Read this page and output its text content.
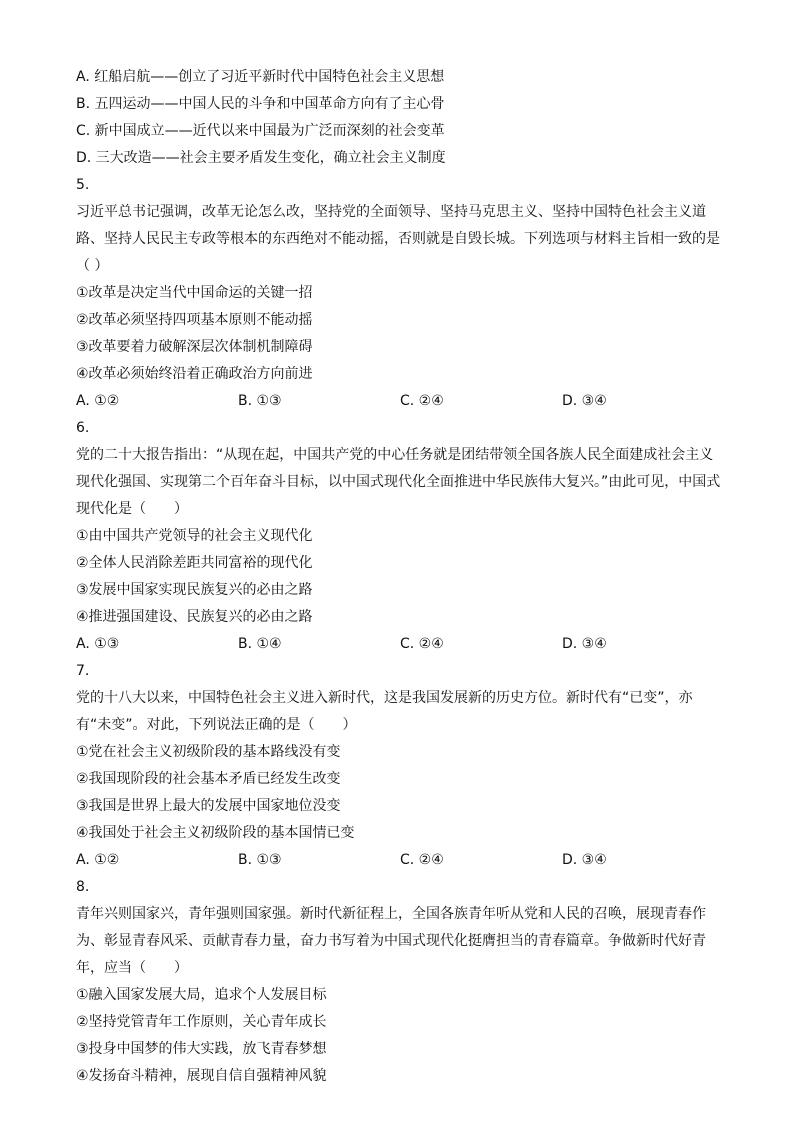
A. 红船启航——创立了习近平新时代中国特色社会主义思想
B. 五四运动——中国人民的斗争和中国革命方向有了主心骨
C. 新中国成立——近代以来中国最为广泛而深刻的社会变革
D. 三大改造——社会主要矛盾发生变化，确立社会主义制度
5.
习近平总书记强调，改革无论怎么改，坚持党的全面领导、坚持马克思主义、坚持中国特色社会主义道路、坚持人民民主专政等根本的东西绝对不能动摇，否则就是自毁长城。下列选项与材料主旨相一致的是（ ）
①改革是决定当代中国命运的关键一招
②改革必须坚持四项基本原则不能动摇
③改革要着力破解深层次体制机制障碍
④改革必须始终沿着正确政治方向前进
A. ①②	B. ①③	C. ②④	D. ③④
6.
党的二十大报告指出：“从现在起，中国共产党的中心任务就是团结带领全国各族人民全面建成社会主义现代化强国、实现第二个百年奋斗目标，以中国式现代化全面推进中华民族伟大复兴。”由此可见，中国式现代化是（　　）
①由中国共产党领导的社会主义现代化
②全体人民消除差距共同富裕的现代化
③发展中国家实现民族复兴的必由之路
④推进强国建设、民族复兴的必由之路
A. ①③	B. ①④	C. ②④	D. ③④
7.
党的十八大以来，中国特色社会主义进入新时代，这是我国发展新的历史方位。新时代有“已变”，亦有“未变”。对此，下列说法正确的是（　　）
①党在社会主义初级阶段的基本路线没有变
②我国现阶段的社会基本矛盾已经发生改变
③我国是世界上最大的发展中国家地位没变
④我国处于社会主义初级阶段的基本国情已变
A. ①②	B. ①③	C. ②④	D. ③④
8.
青年兴则国家兴，青年强则国家强。新时代新征程上，全国各族青年听从党和人民的召唤，展现青春作为、彰显青春风采、贡献青春力量，奋力书写着为中国式现代化挺膺担当的青春篇章。争做新时代好青年，应当（　　）
①融入国家发展大局，追求个人发展目标
②坚持党管青年工作原则，关心青年成长
③投身中国梦的伟大实践，放飞青春梦想
④发扬奋斗精神，展现自信自强精神风貌
